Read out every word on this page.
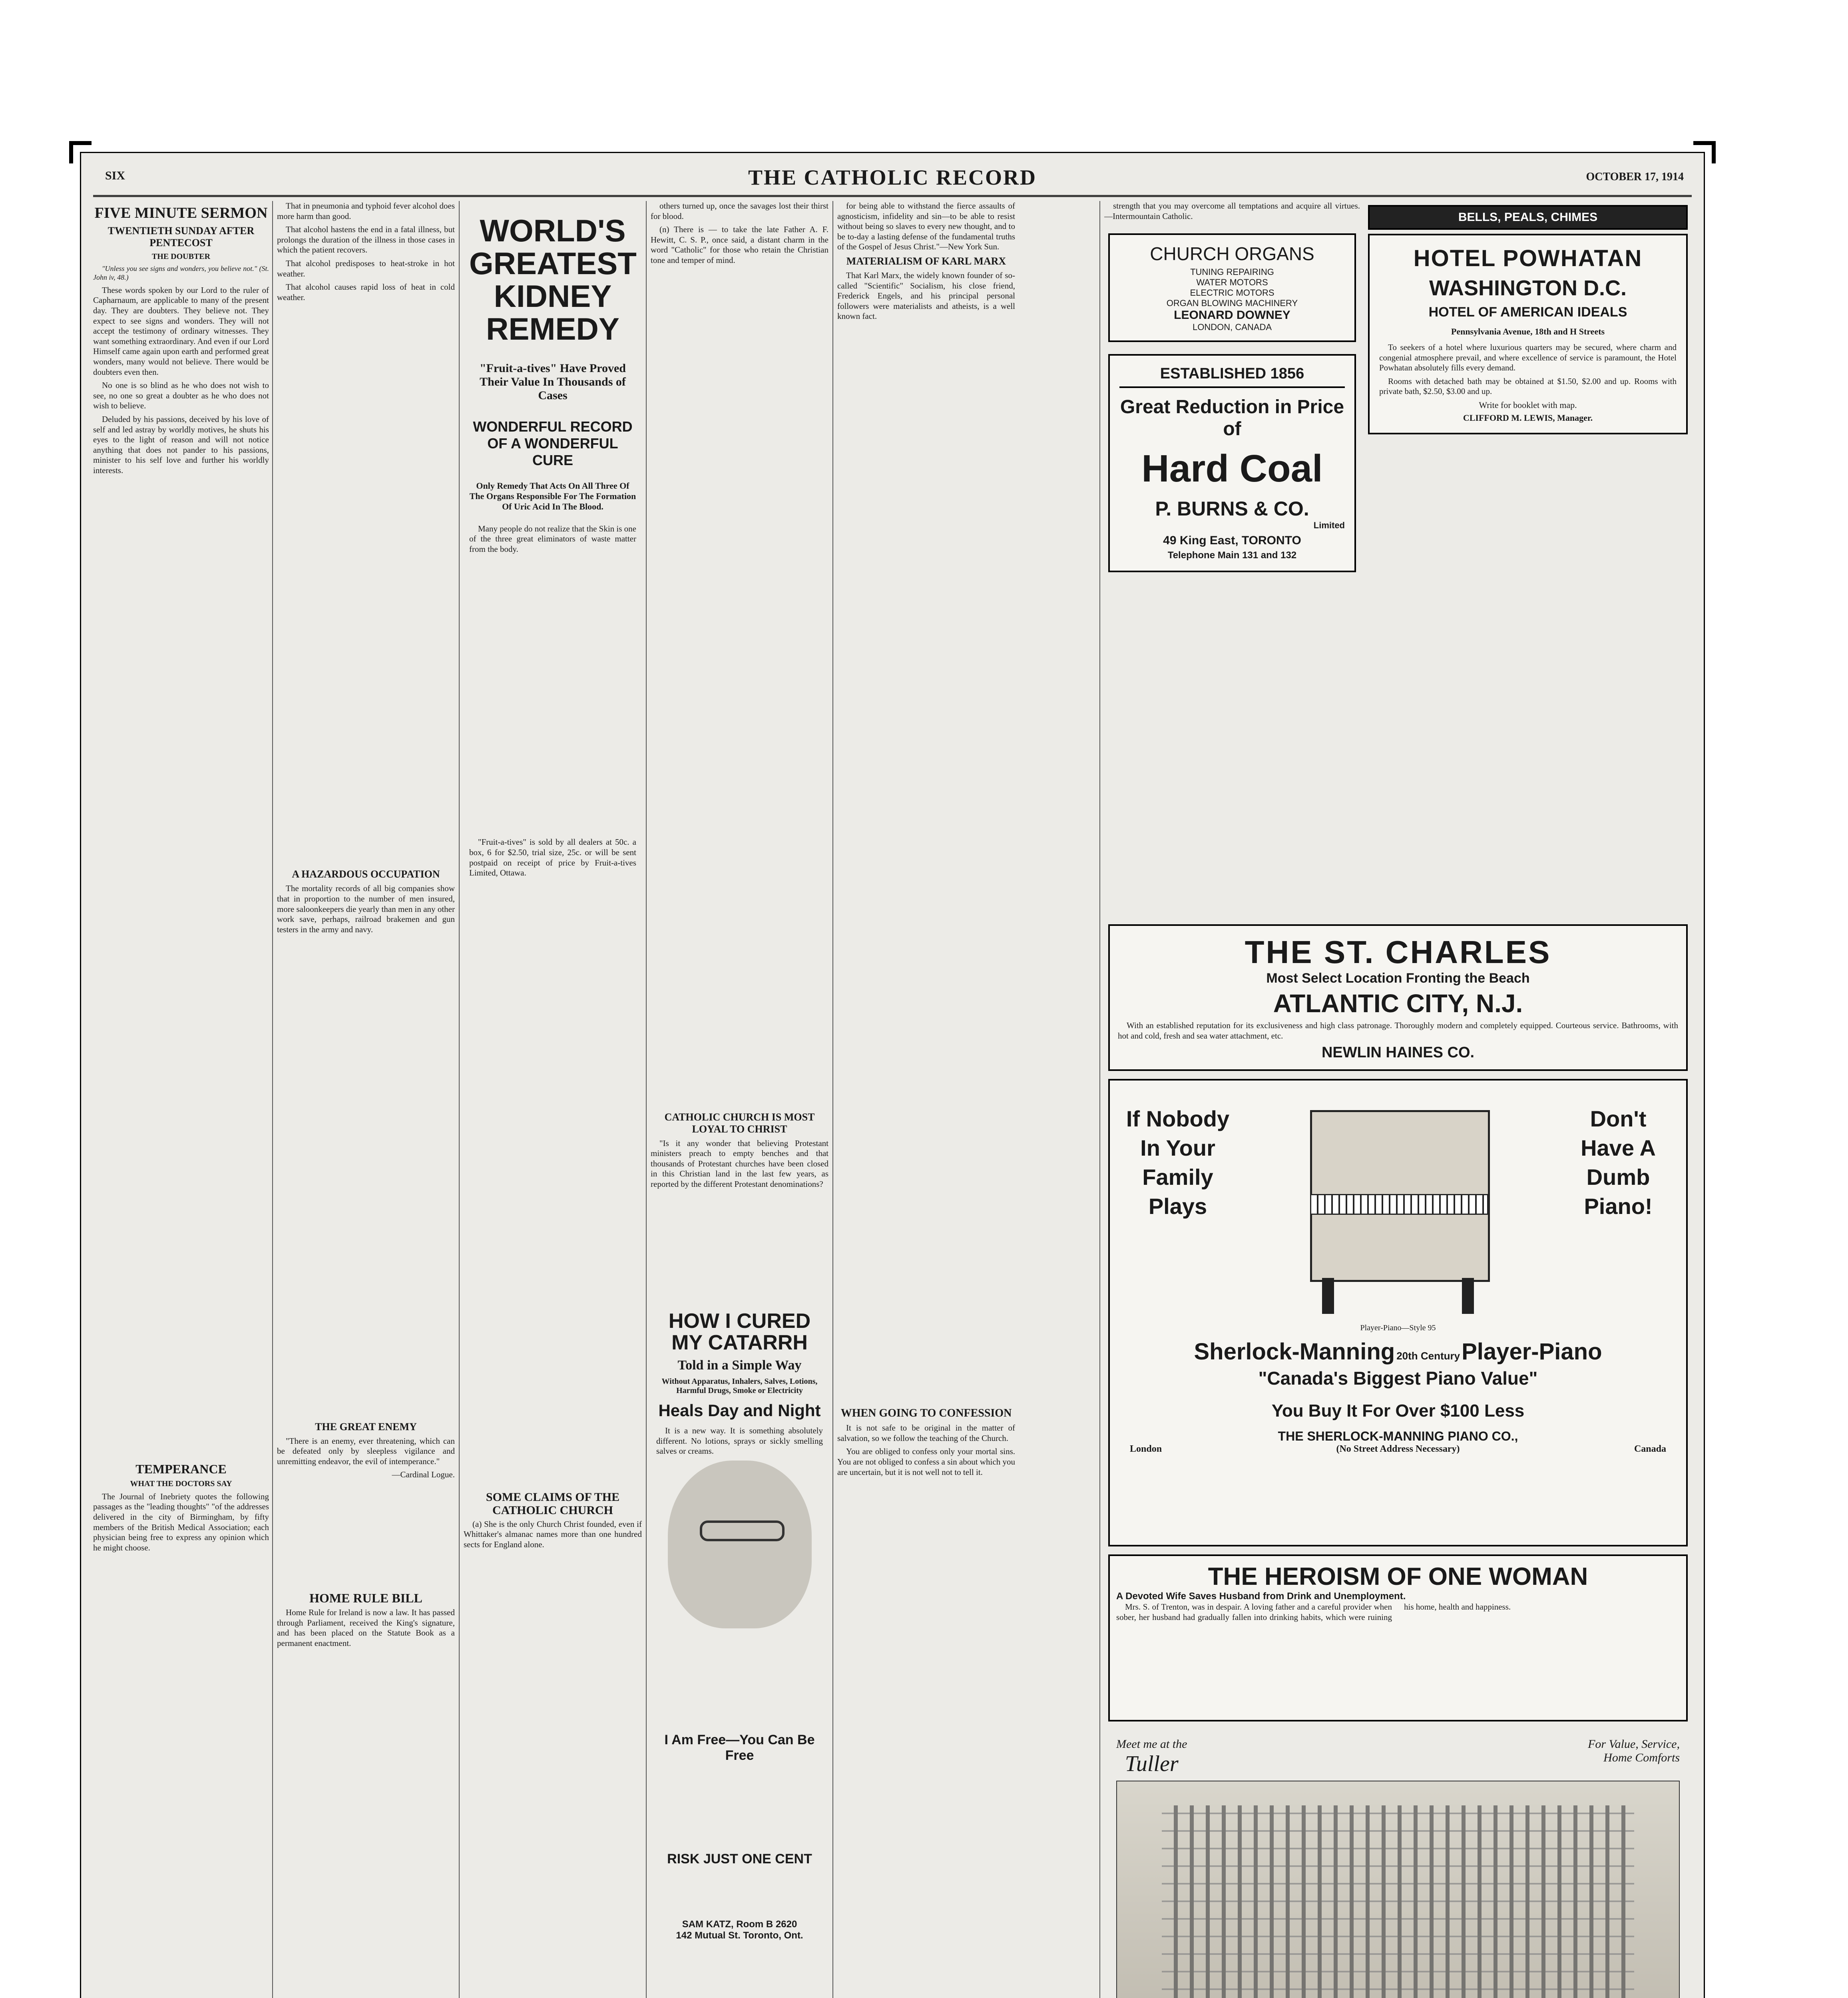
SIX	THE CATHOLIC RECORD	OCTOBER 17, 1914
FIVE MINUTE SERMON
TWENTIETH SUNDAY AFTER PENTECOST
THE DOUBTER

"Unless you see signs and wonders, you believe not." (St. John iv, 48.)

These words spoken by our Lord to the ruler of Capharnaum, are applicable to many of the present day. They are doubters. They believe not. They expect to see signs and wonders. They will not accept the testimony of ordinary witnesses. They want something extraordinary. And even if our Lord Himself came again upon earth and performed great wonders, many would not believe. There would be doubters even then.

No one is so blind as he who does not wish to see, no one so great a doubter as he who does not wish to believe.

Deluded by his passions, deceived by his love of self and led astray by worldly motives, he shuts his eyes to the light of reason and will not notice anything that does not pander to his passions, minister to his self love and further his worldly interests.

TEMPERANCE
WHAT THE DOCTORS SAY

The Journal of Inebriety quotes the following passages as the "leading thoughts" "of the addresses delivered in the city of Birmingham, by fifty members of the British Medical Association; each physician being free to express any opinion which he might choose.

That in pneumonia and typhoid fever alcohol does more harm than good.

That alcohol hastens the end in a fatal illness, but prolongs the duration of the illness in those cases in which the patient recovers.

That alcohol predisposes to heat-stroke in hot weather.

That alcohol causes rapid loss of heat in cold weather.

A HAZARDOUS OCCUPATION

The mortality records of all big companies show that in proportion to the number of men insured, more saloonkeepers die yearly than men in any other work save, perhaps, railroad brakemen and gun testers in the army and navy.

THE GREAT ENEMY

"There is an enemy, ever threatening, which can be defeated only by sleepless vigilance and unremitting endeavor, the evil of intemperance."

—Cardinal Logue.

HOME RULE BILL

Home Rule for Ireland is now a law. It has passed through Parliament, received the King's signature, and has been placed on the Statute Book as a permanent enactment.

WORLD'S GREATEST KIDNEY REMEDY
"Fruit-a-tives" Have Proved Their Value In Thousands of Cases
WONDERFUL RECORD OF A WONDERFUL CURE
Only Remedy That Acts On All Three Of The Organs Responsible For The Formation Of Uric Acid In The Blood.

Many people do not realize that the Skin is one of the three great eliminators of waste matter from the body.

"Fruit-a-tives" is sold by all dealers at 50c. a box, 6 for $2.50, trial size, 25c. or will be sent postpaid on receipt of price by Fruit-a-tives Limited, Ottawa.

SOME CLAIMS OF THE CATHOLIC CHURCH

(a) She is the only Church Christ founded, even if Whittaker's almanac names more than one hundred sects for England alone.

others turned up, once the savages lost their thirst for blood.

(n) There is — to take the late Father A. F. Hewitt, C. S. P., once said, a distant charm in the word "Catholic" for those who retain the Christian tone and temper of mind.

CATHOLIC CHURCH IS MOST LOYAL TO CHRIST

"Is it any wonder that believing Protestant ministers preach to empty benches and that thousands of Protestant churches have been closed in this Christian land in the last few years, as reported by the different Protestant denominations?

HOW I CURED MY CATARRH
Told in a Simple Way
Without Apparatus, Inhalers, Salves, Lotions, Harmful Drugs, Smoke or Electricity
Heals Day and Night

It is a new way. It is something absolutely different. No lotions, sprays or sickly smelling salves or creams.

I Am Free—You Can Be Free
RISK JUST ONE CENT
SAM KATZ, Room B 2620
142 Mutual St. Toronto, Ont.

for being able to withstand the fierce assaults of agnosticism, infidelity and sin—to be able to resist without being so slaves to every new thought, and to be to-day a lasting defense of the fundamental truths of the Gospel of Jesus Christ."—New York Sun.

MATERIALISM OF KARL MARX

That Karl Marx, the widely known founder of so-called "Scientific" Socialism, his close friend, Frederick Engels, and his principal personal followers were materialists and atheists, is a well known fact.

WHEN GOING TO CONFESSION

It is not safe to be original in the matter of salvation, so we follow the teaching of the Church.

You are obliged to confess only your mortal sins. You are not obliged to confess a sin about which you are uncertain, but it is not well not to tell it.

strength that you may overcome all temptations and acquire all virtues. —Intermountain Catholic.

CHURCH ORGANS
TUNING REPAIRING
WATER MOTORS
ELECTRIC MOTORS
ORGAN BLOWING MACHINERY
LEONARD DOWNEY
LONDON, CANADA
ESTABLISHED 1856
Great Reduction in Price of
Hard Coal
P. BURNS & CO.
Limited
49 King East, TORONTO
Telephone Main 131 and 132
BELLS, PEALS, CHIMES
HOTEL POWHATAN
WASHINGTON D.C.
HOTEL OF AMERICAN IDEALS
Pennsylvania Avenue, 18th and H Streets

To seekers of a hotel where luxurious quarters may be secured, where charm and congenial atmosphere prevail, and where excellence of service is paramount, the Hotel Powhatan absolutely fills every demand.

Rooms with detached bath may be obtained at $1.50, $2.00 and up. Rooms with private bath, $2.50, $3.00 and up.

Write for booklet with map.
CLIFFORD M. LEWIS, Manager.
THE ST. CHARLES
Most Select Location Fronting the Beach
ATLANTIC CITY, N.J.

With an established reputation for its exclusiveness and high class patronage. Thoroughly modern and completely equipped. Courteous service. Bathrooms, with hot and cold, fresh and sea water attachment, etc.

NEWLIN HAINES CO.
If Nobody In Your Family Plays
Don't Have A Dumb Piano!
Player-Piano—Style 95
Sherlock-Manning 20th Century Player-Piano
"Canada's Biggest Piano Value"
You Buy It For Over $100 Less
THE SHERLOCK-MANNING PIANO CO.,
London	(No Street Address Necessary)	Canada
THE HEROISM OF ONE WOMAN
A Devoted Wife Saves Husband from Drink and Unemployment.

Mrs. S. of Trenton, was in despair. A loving father and a careful provider when sober, her husband had gradually fallen into drinking habits, which were ruining his home, health and happiness.

Meet me at the
Tuller
For Value, Service, Home Comforts
